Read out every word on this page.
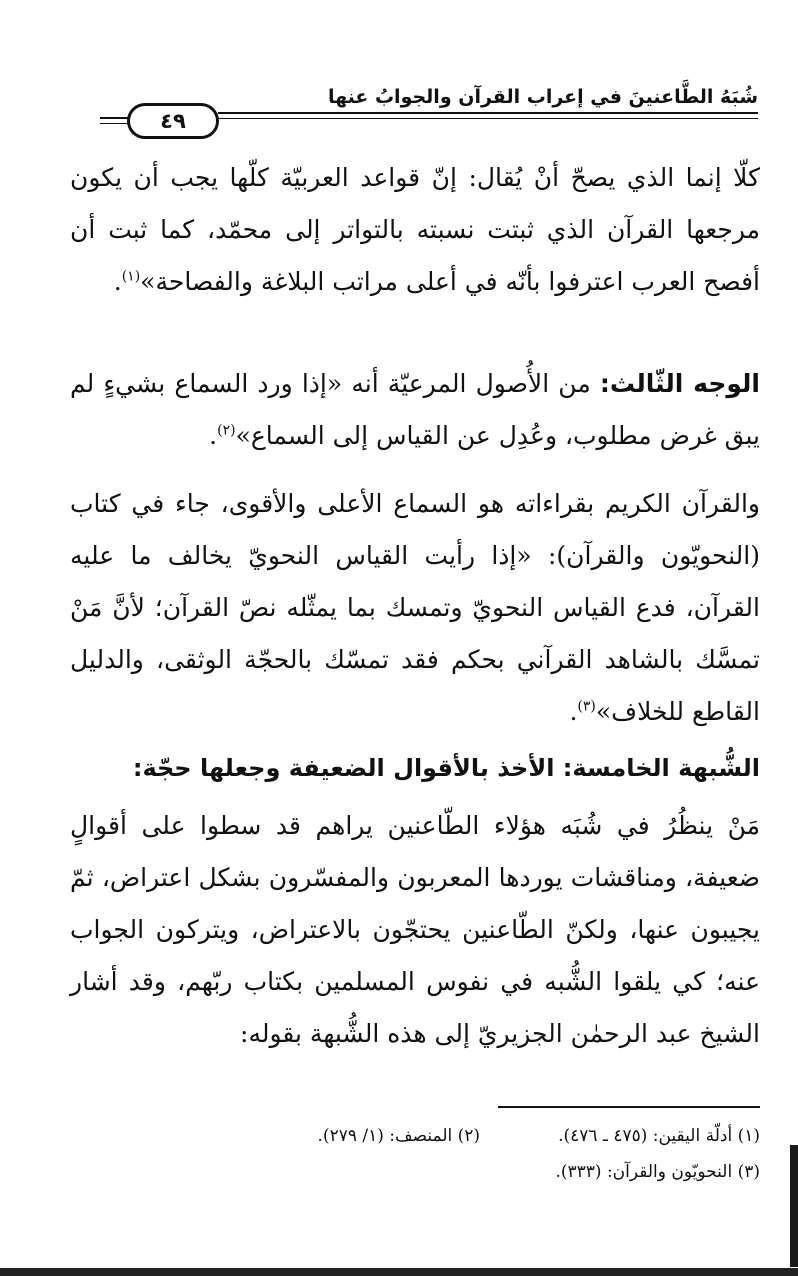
شُبَهُ الطَّاعنينَ في إعراب القرآن والجوابُ عنها
٤٩

كلّا إنما الذي يصحّ أنْ يُقال: إنّ قواعد العربيّة كلّها يجب أن يكون مرجعها القرآن الذي ثبتت نسبته بالتواتر إلى محمّد، كما ثبت أن أفصح العرب اعترفوا بأنّه في أعلى مراتب البلاغة والفصاحة»$^{(١)}$.

الوجه الثّالث: من الأُصول المرعيّة أنه «إذا ورد السماع بشيءٍ لم يبق غرض مطلوب، وعُدِل عن القياس إلى السماع»$^{(٢)}$.

والقرآن الكريم بقراءاته هو السماع الأعلى والأقوى، جاء في كتاب (النحويّون والقرآن): «إذا رأيت القياس النحويّ يخالف ما عليه القرآن، فدع القياس النحويّ وتمسك بما يمثّله نصّ القرآن؛ لأنَّ مَنْ تمسَّك بالشاهد القرآني بحكم فقد تمسّك بالحجّة الوثقى، والدليل القاطع للخلاف»$^{(٣)}$.

الشُّبهة الخامسة: الأخذ بالأقوال الضعيفة وجعلها حجّة:

مَنْ ينظُرُ في شُبَه هؤلاء الطّاعنين يراهم قد سطوا على أقوالٍ ضعيفة، ومناقشات يوردها المعربون والمفسّرون بشكل اعتراض، ثمّ يجيبون عنها، ولكنّ الطّاعنين يحتجّون بالاعتراض، ويتركون الجواب عنه؛ كي يلقوا الشُّبه في نفوس المسلمين بكتاب ربّهم، وقد أشار الشيخ عبد الرحمٰن الجزيريّ إلى هذه الشُّبهة بقوله:

(١) أدلّة اليقين: (٤٧٥ ـ ٤٧٦).
(٢) المنصف: (١/ ٢٧٩).
(٣) النحويّون والقرآن: (٣٣٣).
